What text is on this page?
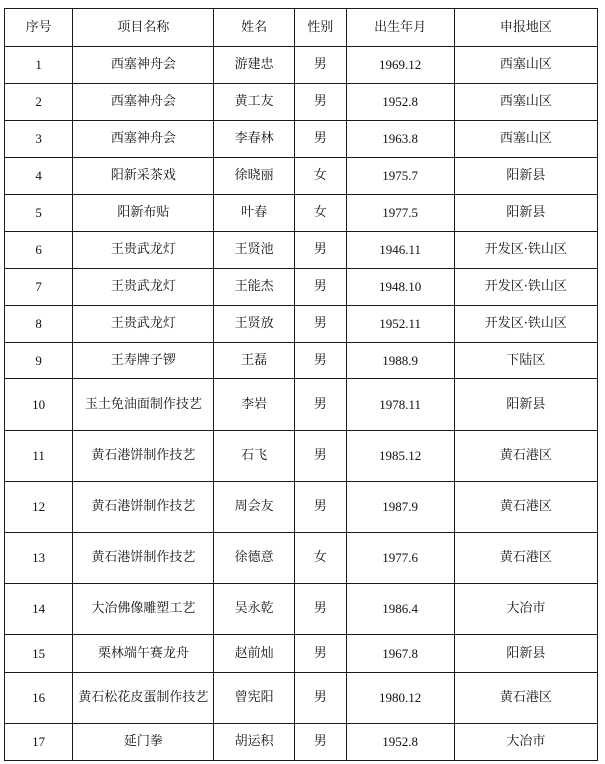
序号	项目名称	姓名	性别	出生年月	申报地区
1	西塞神舟会	游建忠	男	1969.12	西塞山区
2	西塞神舟会	黄工友	男	1952.8	西塞山区
3	西塞神舟会	李春林	男	1963.8	西塞山区
4	阳新采茶戏	徐晓丽	女	1975.7	阳新县
5	阳新布贴	叶春	女	1977.5	阳新县
6	王贵武龙灯	王贤池	男	1946.11	开发区·铁山区
7	王贵武龙灯	王能杰	男	1948.10	开发区·铁山区
8	王贵武龙灯	王贤放	男	1952.11	开发区·铁山区
9	王寿牌子锣	王磊	男	1988.9	下陆区
10	玉土免油面制作技艺	李岩	男	1978.11	阳新县
11	黄石港饼制作技艺	石飞	男	1985.12	黄石港区
12	黄石港饼制作技艺	周会友	男	1987.9	黄石港区
13	黄石港饼制作技艺	徐德意	女	1977.6	黄石港区
14	大冶佛像雕塑工艺	吴永乾	男	1986.4	大冶市
15	栗林端午赛龙舟	赵前灿	男	1967.8	阳新县
16	黄石松花皮蛋制作技艺	曾宪阳	男	1980.12	黄石港区
17	延门拳	胡运积	男	1952.8	大冶市
